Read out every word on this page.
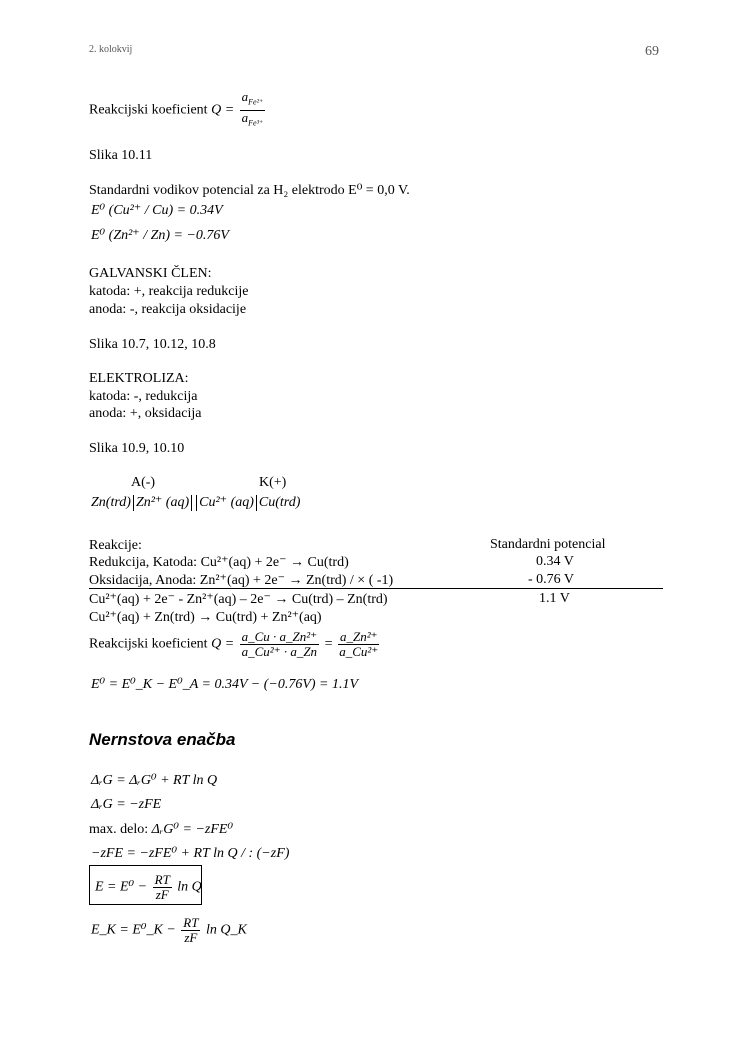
2. kolokvij	69
Reakcijski koeficient $Q = \frac{a_{Fe^{2+}}}{a_{Fe^{3+}}}$
Slika 10.11
Standardni vodikov potencial za H₂ elektrodo E⁰ = 0,0 V.
E⁰ (Cu²⁺ / Cu) = 0.34V
E⁰ (Zn²⁺ / Zn) = −0.76V
GALVANSKI ČLEN:
katoda: +, reakcija redukcije
anoda: -, reakcija oksidacije
Slika 10.7, 10.12, 10.8
ELEKTROLIZA:
katoda: -, redukcija
anoda: +, oksidacija
Slika 10.9, 10.10
A(-)	K(+)
Zn(trd) Zn²⁺ (aq) Cu²⁺ (aq) Cu(trd)
Reakcije:	Standardni potencial
Redukcija, Katoda: Cu²⁺(aq) + 2e⁻ → Cu(trd)	0.34 V
Oksidacija, Anoda: Zn²⁺(aq) + 2e⁻ → Zn(trd) / × ( -1)	- 0.76 V
Cu²⁺(aq) + 2e⁻ - Zn²⁺(aq) – 2e⁻ → Cu(trd) – Zn(trd)	1.1 V
Cu²⁺(aq) + Zn(trd) → Cu(trd) + Zn²⁺(aq)
Reakcijski koeficient $Q = \frac{\text{a\_Cu · a\_Zn²⁺}}{\text{a\_Cu²⁺ · a\_Zn}} = \frac{\text{a\_Zn²⁺}}{\text{a\_Cu²⁺}}$
E⁰ = E⁰_K − E⁰_A = 0.34V − (−0.76V) = 1.1V
Nernstova enačba
ΔᵣG = ΔᵣG⁰ + RT ln Q
ΔᵣG = −zFE
max. delo: ΔᵣG⁰ = −zFE⁰
−zFE = −zFE⁰ + RT ln Q / : (−zF)
$E = E^0 - \frac{RT}{zF}$ ln Q
E_K = E⁰_K − $\frac{RT}{zF}$ ln Q_K
